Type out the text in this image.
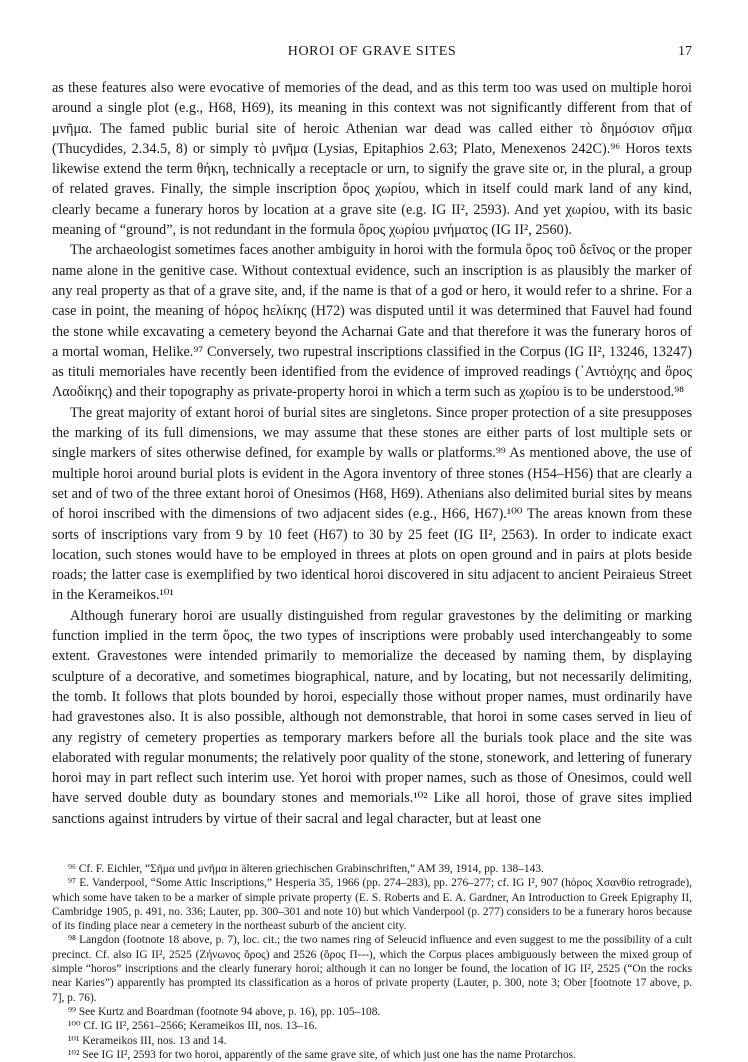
HOROI OF GRAVE SITES	17

as these features also were evocative of memories of the dead, and as this term too was used on multiple horoi around a single plot (e.g., H68, H69), its meaning in this context was not significantly different from that of μνῆμα. The famed public burial site of heroic Athenian war dead was called either τὸ δημόσιον σῆμα (Thucydides, 2.34.5, 8) or simply τὸ μνῆμα (Lysias, Epitaphios 2.63; Plato, Menexenos 242C).⁹⁶ Horos texts likewise extend the term θήκη, technically a receptacle or urn, to signify the grave site or, in the plural, a group of related graves. Finally, the simple inscription ὅρος χωρίου, which in itself could mark land of any kind, clearly became a funerary horos by location at a grave site (e.g. IG II², 2593). And yet χωρίου, with its basic meaning of “ground”, is not redundant in the formula ὅρος χωρίου μνήματος (IG II², 2560).

The archaeologist sometimes faces another ambiguity in horoi with the formula ὅρος τοῦ δεῖνος or the proper name alone in the genitive case. Without contextual evidence, such an inscription is as plausibly the marker of any real property as that of a grave site, and, if the name is that of a god or hero, it would refer to a shrine. For a case in point, the meaning of hόρος hελίκης (H72) was disputed until it was determined that Fauvel had found the stone while excavating a cemetery beyond the Acharnai Gate and that therefore it was the funerary horos of a mortal woman, Helike.⁹⁷ Conversely, two rupestral inscriptions classified in the Corpus (IG II², 13246, 13247) as tituli memoriales have recently been identified from the evidence of improved readings (᾿Αντιόχης and ὅρος Λαοδίκης) and their topography as private-property horoi in which a term such as χωρίου is to be understood.⁹⁸

The great majority of extant horoi of burial sites are singletons. Since proper protection of a site presupposes the marking of its full dimensions, we may assume that these stones are either parts of lost multiple sets or single markers of sites otherwise defined, for example by walls or platforms.⁹⁹ As mentioned above, the use of multiple horoi around burial plots is evident in the Agora inventory of three stones (H54–H56) that are clearly a set and of two of the three extant horoi of Onesimos (H68, H69). Athenians also delimited burial sites by means of horoi inscribed with the dimensions of two adjacent sides (e.g., H66, H67).¹⁰⁰ The areas known from these sorts of inscriptions vary from 9 by 10 feet (H67) to 30 by 25 feet (IG II², 2563). In order to indicate exact location, such stones would have to be employed in threes at plots on open ground and in pairs at plots beside roads; the latter case is exemplified by two identical horoi discovered in situ adjacent to ancient Peiraieus Street in the Kerameikos.¹⁰¹

Although funerary horoi are usually distinguished from regular gravestones by the delimiting or marking function implied in the term ὅρος, the two types of inscriptions were probably used interchangeably to some extent. Gravestones were intended primarily to memorialize the deceased by naming them, by displaying sculpture of a decorative, and sometimes biographical, nature, and by locating, but not necessarily delimiting, the tomb. It follows that plots bounded by horoi, especially those without proper names, must ordinarily have had gravestones also. It is also possible, although not demonstrable, that horoi in some cases served in lieu of any registry of cemetery properties as temporary markers before all the burials took place and the site was elaborated with regular monuments; the relatively poor quality of the stone, stonework, and lettering of funerary horoi may in part reflect such interim use. Yet horoi with proper names, such as those of Onesimos, could well have served double duty as boundary stones and memorials.¹⁰² Like all horoi, those of grave sites implied sanctions against intruders by virtue of their sacral and legal character, but at least one

⁹⁶ Cf. F. Eichler, “Σῆμα und μνῆμα in älteren griechischen Grabinschriften,” AM 39, 1914, pp. 138–143.

⁹⁷ E. Vanderpool, “Some Attic Inscriptions,” Hesperia 35, 1966 (pp. 274–283), pp. 276–277; cf. IG I², 907 (hόρος Χσανθίο retrograde), which some have taken to be a marker of simple private property (E. S. Roberts and E. A. Gardner, An Introduction to Greek Epigraphy II, Cambridge 1905, p. 491, no. 336; Lauter, pp. 300–301 and note 10) but which Vanderpool (p. 277) considers to be a funerary horos because of its finding place near a cemetery in the northeast suburb of the ancient city.

⁹⁸ Langdon (footnote 18 above, p. 7), loc. cit.; the two names ring of Seleucid influence and even suggest to me the possibility of a cult precinct. Cf. also IG II², 2525 (Ζήνωνος ὅρος) and 2526 (ὅρος Π---), which the Corpus places ambiguously between the mixed group of simple “horos” inscriptions and the clearly funerary horoi; although it can no longer be found, the location of IG II², 2525 (“On the rocks near Karies”) apparently has prompted its classification as a horos of private property (Lauter, p. 300, note 3; Ober [footnote 17 above, p. 7], p. 76).

⁹⁹ See Kurtz and Boardman (footnote 94 above, p. 16), pp. 105–108.

¹⁰⁰ Cf. IG II², 2561–2566; Kerameikos III, nos. 13–16.

¹⁰¹ Kerameikos III, nos. 13 and 14.

¹⁰² See IG II², 2593 for two horoi, apparently of the same grave site, of which just one has the name Protarchos.
